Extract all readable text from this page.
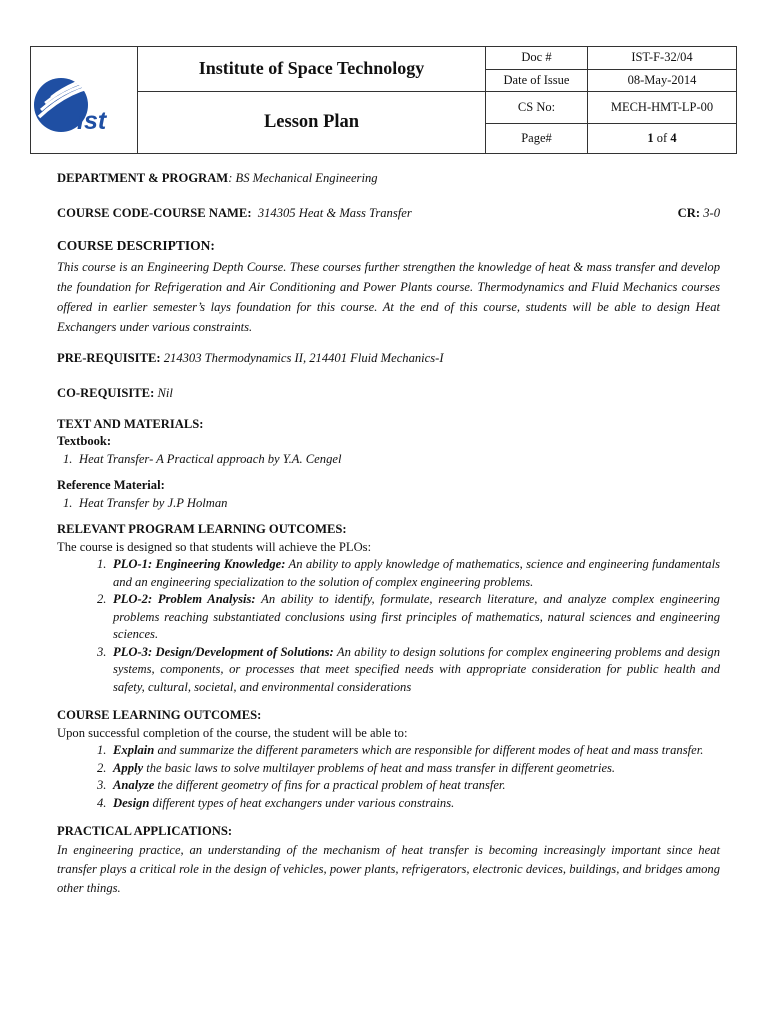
ist
Institute of Space Technology
Lesson Plan
Doc #	IST-F-32/04
Date of Issue	08-May-2014
CS No:	MECH-HMT-LP-00
Page#	1 of 4

DEPARTMENT & PROGRAM: BS Mechanical Engineering

COURSE CODE-COURSE NAME: 314305 Heat & Mass Transfer	CR: 3-0

COURSE DESCRIPTION:

This course is an Engineering Depth Course. These courses further strengthen the knowledge of heat & mass transfer and develop the foundation for Refrigeration and Air Conditioning and Power Plants course. Thermodynamics and Fluid Mechanics courses offered in earlier semester’s lays foundation for this course. At the end of this course, students will be able to design Heat Exchangers under various constraints.

PRE-REQUISITE: 214303 Thermodynamics II, 214401 Fluid Mechanics-I

CO-REQUISITE: Nil

TEXT AND MATERIALS:

Textbook:

1. Heat Transfer- A Practical approach by Y.A. Cengel

Reference Material:

1. Heat Transfer by J.P Holman

RELEVANT PROGRAM LEARNING OUTCOMES:

The course is designed so that students will achieve the PLOs:

1. PLO-1: Engineering Knowledge: An ability to apply knowledge of mathematics, science and engineering fundamentals and an engineering specialization to the solution of complex engineering problems.
2. PLO-2: Problem Analysis: An ability to identify, formulate, research literature, and analyze complex engineering problems reaching substantiated conclusions using first principles of mathematics, natural sciences and engineering sciences.
3. PLO-3: Design/Development of Solutions: An ability to design solutions for complex engineering problems and design systems, components, or processes that meet specified needs with appropriate consideration for public health and safety, cultural, societal, and environmental considerations

COURSE LEARNING OUTCOMES:

Upon successful completion of the course, the student will be able to:

1. Explain and summarize the different parameters which are responsible for different modes of heat and mass transfer.
2. Apply the basic laws to solve multilayer problems of heat and mass transfer in different geometries.
3. Analyze the different geometry of fins for a practical problem of heat transfer.
4. Design different types of heat exchangers under various constrains.

PRACTICAL APPLICATIONS:

In engineering practice, an understanding of the mechanism of heat transfer is becoming increasingly important since heat transfer plays a critical role in the design of vehicles, power plants, refrigerators, electronic devices, buildings, and bridges among other things.
